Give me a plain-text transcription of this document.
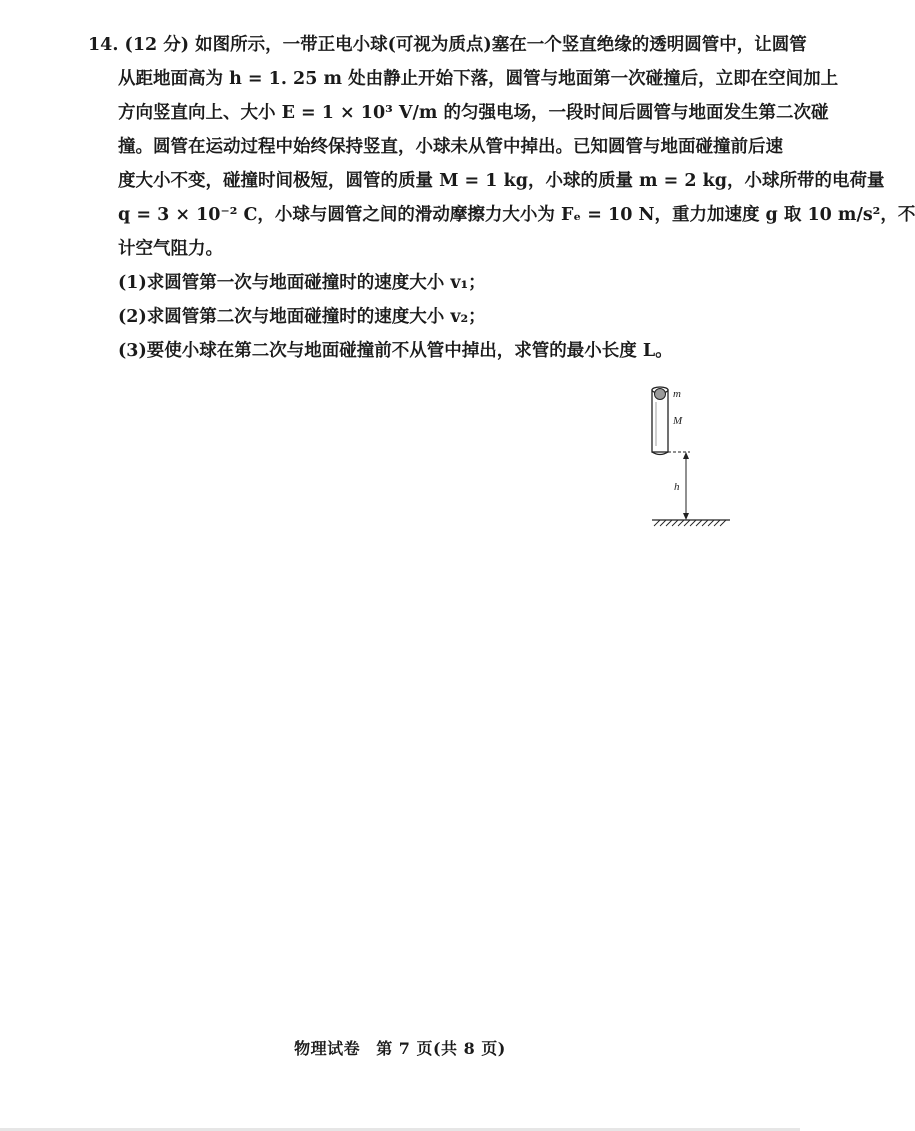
14. (12 分) 如图所示，一带正电小球(可视为质点)塞在一个竖直绝缘的透明圆管中，让圆管
从距地面高为 h = 1. 25 m 处由静止开始下落，圆管与地面第一次碰撞后，立即在空间加上
方向竖直向上、大小 E = 1 × 10³ V/m 的匀强电场，一段时间后圆管与地面发生第二次碰
撞。圆管在运动过程中始终保持竖直，小球未从管中掉出。已知圆管与地面碰撞前后速
度大小不变，碰撞时间极短，圆管的质量 M = 1 kg，小球的质量 m = 2 kg，小球所带的电荷量
q = 3 × 10⁻² C，小球与圆管之间的滑动摩擦力大小为 Fₑ = 10 N，重力加速度 g 取 10 m/s²，不
计空气阻力。
(1)求圆管第一次与地面碰撞时的速度大小 v₁；
(2)求圆管第二次与地面碰撞时的速度大小 v₂；
(3)要使小球在第二次与地面碰撞前不从管中掉出，求管的最小长度 L。
m
M
h
物理试卷 第 7 页(共 8 页)
